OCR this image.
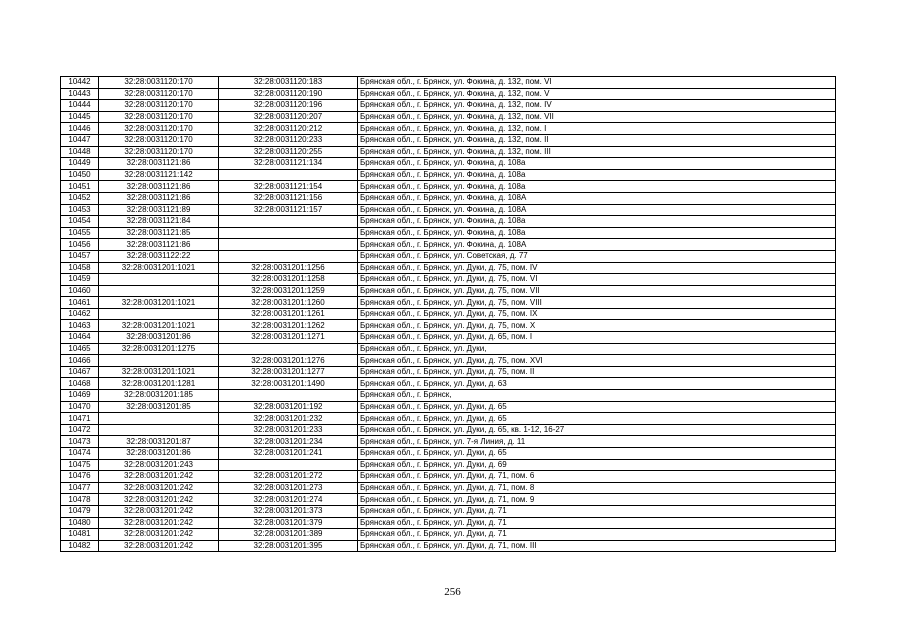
10442	32:28:0031120:170	32:28:0031120:183	Брянская обл., г. Брянск, ул. Фокина, д. 132, пом. VI
10443	32:28:0031120:170	32:28:0031120:190	Брянская обл., г. Брянск, ул. Фокина, д. 132, пом. V
10444	32:28:0031120:170	32:28:0031120:196	Брянская обл., г. Брянск, ул. Фокина, д. 132, пом. IV
10445	32:28:0031120:170	32:28:0031120:207	Брянская обл., г. Брянск, ул. Фокина, д. 132, пом. VII
10446	32:28:0031120:170	32:28:0031120:212	Брянская обл., г. Брянск, ул. Фокина, д. 132, пом. I
10447	32:28:0031120:170	32:28:0031120:233	Брянская обл., г. Брянск, ул. Фокина, д. 132, пом. II
10448	32:28:0031120:170	32:28:0031120:255	Брянская обл., г. Брянск, ул. Фокина, д. 132, пом. III
10449	32:28:0031121:86	32:28:0031121:134	Брянская обл., г. Брянск, ул. Фокина, д. 108а
10450	32:28:0031121:142		Брянская обл., г. Брянск, ул. Фокина, д. 108а
10451	32:28:0031121:86	32:28:0031121:154	Брянская обл., г. Брянск, ул. Фокина, д. 108а
10452	32:28:0031121:86	32:28:0031121:156	Брянская обл., г. Брянск, ул. Фокина, д. 108А
10453	32:28:0031121:89	32:28:0031121:157	Брянская обл., г. Брянск, ул. Фокина, д. 108А
10454	32:28:0031121:84		Брянская обл., г. Брянск, ул. Фокина, д. 108а
10455	32:28:0031121:85		Брянская обл., г. Брянск, ул. Фокина, д. 108а
10456	32:28:0031121:86		Брянская обл., г. Брянск, ул. Фокина, д. 108А
10457	32:28:0031122:22		Брянская обл., г. Брянск, ул. Советская, д. 77
10458	32:28:0031201:1021	32:28:0031201:1256	Брянская обл., г. Брянск, ул. Дуки, д. 75, пом. IV
10459		32:28:0031201:1258	Брянская обл., г. Брянск, ул. Дуки, д. 75, пом. VI
10460		32:28:0031201:1259	Брянская обл., г. Брянск, ул. Дуки, д. 75, пом. VII
10461	32:28:0031201:1021	32:28:0031201:1260	Брянская обл., г. Брянск, ул. Дуки, д. 75, пом. VIII
10462		32:28:0031201:1261	Брянская обл., г. Брянск, ул. Дуки, д. 75, пом. IX
10463	32:28:0031201:1021	32:28:0031201:1262	Брянская обл., г. Брянск, ул. Дуки, д. 75, пом. X
10464	32:28:0031201:86	32:28:0031201:1271	Брянская обл., г. Брянск, ул. Дуки, д. 65, пом. I
10465	32:28:0031201:1275		Брянская обл., г. Брянск, ул. Дуки,
10466		32:28:0031201:1276	Брянская обл., г. Брянск, ул. Дуки, д. 75, пом. XVI
10467	32:28:0031201:1021	32:28:0031201:1277	Брянская обл., г. Брянск, ул. Дуки, д. 75, пом. II
10468	32:28:0031201:1281	32:28:0031201:1490	Брянская обл., г. Брянск, ул. Дуки, д. 63
10469	32:28:0031201:185		Брянская обл., г. Брянск,
10470	32:28:0031201:85	32:28:0031201:192	Брянская обл., г. Брянск, ул. Дуки, д. 65
10471		32:28:0031201:232	Брянская обл., г. Брянск, ул. Дуки, д. 65
10472		32:28:0031201:233	Брянская обл., г. Брянск, ул. Дуки, д. 65, кв. 1-12, 16-27
10473	32:28:0031201:87	32:28:0031201:234	Брянская обл., г. Брянск, ул. 7-я Линия, д. 11
10474	32:28:0031201:86	32:28:0031201:241	Брянская обл., г. Брянск, ул. Дуки, д. 65
10475	32:28:0031201:243		Брянская обл., г. Брянск, ул. Дуки, д. 69
10476	32:28:0031201:242	32:28:0031201:272	Брянская обл., г. Брянск, ул. Дуки, д. 71, пом. 6
10477	32:28:0031201:242	32:28:0031201:273	Брянская обл., г. Брянск, ул. Дуки, д. 71, пом. 8
10478	32:28:0031201:242	32:28:0031201:274	Брянская обл., г. Брянск, ул. Дуки, д. 71, пом. 9
10479	32:28:0031201:242	32:28:0031201:373	Брянская обл., г. Брянск, ул. Дуки, д. 71
10480	32:28:0031201:242	32:28:0031201:379	Брянская обл., г. Брянск, ул. Дуки, д. 71
10481	32:28:0031201:242	32:28:0031201:389	Брянская обл., г. Брянск, ул. Дуки, д. 71
10482	32:28:0031201:242	32:28:0031201:395	Брянская обл., г. Брянск, ул. Дуки, д. 71, пом. III
256
